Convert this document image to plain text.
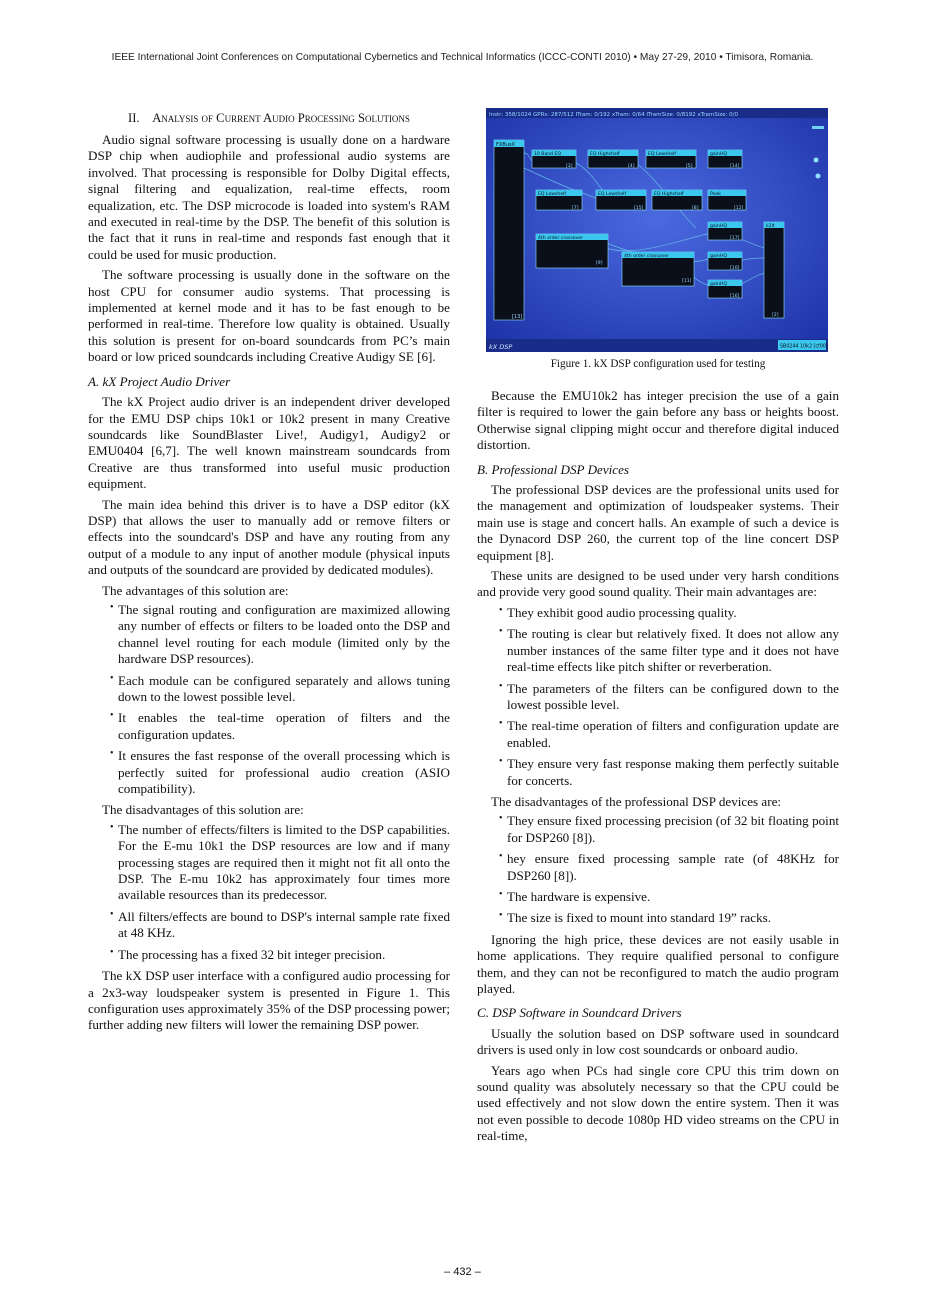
IEEE International Joint Conferences on Computational Cybernetics and Technical Informatics (ICCC-CONTI 2010) • May 27-29, 2010 • Timisora, Romania.
II. Analysis of Current Audio Processing Solutions

Audio signal software processing is usually done on a hardware DSP chip when audiophile and professional audio systems are involved. That processing is responsible for Dolby Digital effects, signal filtering and equalization, real-time effects, room equalization, etc. The DSP microcode is loaded into system's RAM and executed in real-time by the DSP. The benefit of this solution is the fact that it runs in real-time and responds fast enough that it could be used for music production.

The software processing is usually done in the software on the host CPU for consumer audio systems. That processing is implemented at kernel mode and it has to be fast enough to be performed in real-time. Therefore low quality is obtained. Usually this solution is present for on-board soundcards from PC’s main board or low priced soundcards including Creative Audigy SE [6].

A. kX Project Audio Driver

The kX Project audio driver is an independent driver developed for the EMU DSP chips 10k1 or 10k2 present in many Creative soundcards like SoundBlaster Live!, Audigy1, Audigy2 or EMU0404 [6,7]. The well known mainstream soundcards from Creative are thus transformed into useful music production equipment.

The main idea behind this driver is to have a DSP editor (kX DSP) that allows the user to manually add or remove filters or effects into the soundcard's DSP and have any routing from any output of a module to any input of another module (physical inputs and outputs of the soundcard are provided by dedicated modules).

The advantages of this solution are:
• The signal routing and configuration are maximized allowing any number of effects or filters to be loaded onto the DSP and channel level routing for each module (limited only by the hardware DSP resources).
• Each module can be configured separately and allows tuning down to the lowest possible level.
• It enables the teal-time operation of filters and the configuration updates.
• It ensures the fast response of the overall processing which is perfectly suited for professional audio creation (ASIO compatibility).
The disadvantages of this solution are:
• The number of effects/filters is limited to the DSP capabilities. For the E-mu 10k1 the DSP resources are low and if many processing stages are required then it might not fit all onto the DSP. The E-mu 10k2 has approximately four times more available resources than its predecessor.
• All filters/effects are bound to DSP's internal sample rate fixed at 48 KHz.
• The processing has a fixed 32 bit integer precision.

The kX DSP user interface with a configured audio processing for a 2x3-way loudspeaker system is presented in Figure 1. This configuration uses approximately 35% of the DSP processing power; further adding new filters will lower the remaining DSP power.

Instr: 358/1024 GPRs: 287/512 ITram: 0/192 xTram: 0/64 ITramSize: 0/8192 xTramSize: 0/0
FXBusX
[13]
10 Band EQ
[3]
EQ Highshelf
[4]
EQ Lowshelf
[5]
gainHQ
[14]
EQ Lowshelf
[7]
EQ Lowshelf
[15]
EQ Highshelf
[8]
Peak
[12]
4th order crossover
[9]
4th order crossover
[11]
gainHQ
[17]
gainHQ
[10]
gainHQ
[16]
k2lt
[2]
kX DSP	SB0244 10k2 [cf00]
Figure 1. kX DSP configuration used for testing

Because the EMU10k2 has integer precision the use of a gain filter is required to lower the gain before any bass or heights boost. Otherwise signal clipping might occur and therefore digital induced distortion.

B. Professional DSP Devices

The professional DSP devices are the professional units used for the management and optimization of loudspeaker systems. Their main use is stage and concert halls. An example of such a device is the Dynacord DSP 260, the current top of the line concert DSP equipment [8].

These units are designed to be used under very harsh conditions and provide very good sound quality. Their main advantages are:

• They exhibit good audio processing quality.
• The routing is clear but relatively fixed. It does not allow any number instances of the same filter type and it does not have real-time effects like pitch shifter or reverberation.
• The parameters of the filters can be configured down to the lowest possible level.
• The real-time operation of filters and configuration update are enabled.
• They ensure very fast response making them perfectly suitable for concerts.
The disadvantages of the professional DSP devices are:
• They ensure fixed processing precision (of 32 bit floating point for DSP260 [8]).
• hey ensure fixed processing sample rate (of 48KHz for DSP260 [8]).
• The hardware is expensive.
• The size is fixed to mount into standard 19” racks.

Ignoring the high price, these devices are not easily usable in home applications. They require qualified personal to configure them, and they can not be reconfigured to match the audio program played.

C. DSP Software in Soundcard Drivers

Usually the solution based on DSP software used in soundcard drivers is used only in low cost soundcards or onboard audio.

Years ago when PCs had single core CPU this trim down on sound quality was absolutely necessary so that the CPU could be used effectively and not slow down the entire system. Then it was not even possible to decode 1080p HD video streams on the CPU in real-time,

– 432 –
